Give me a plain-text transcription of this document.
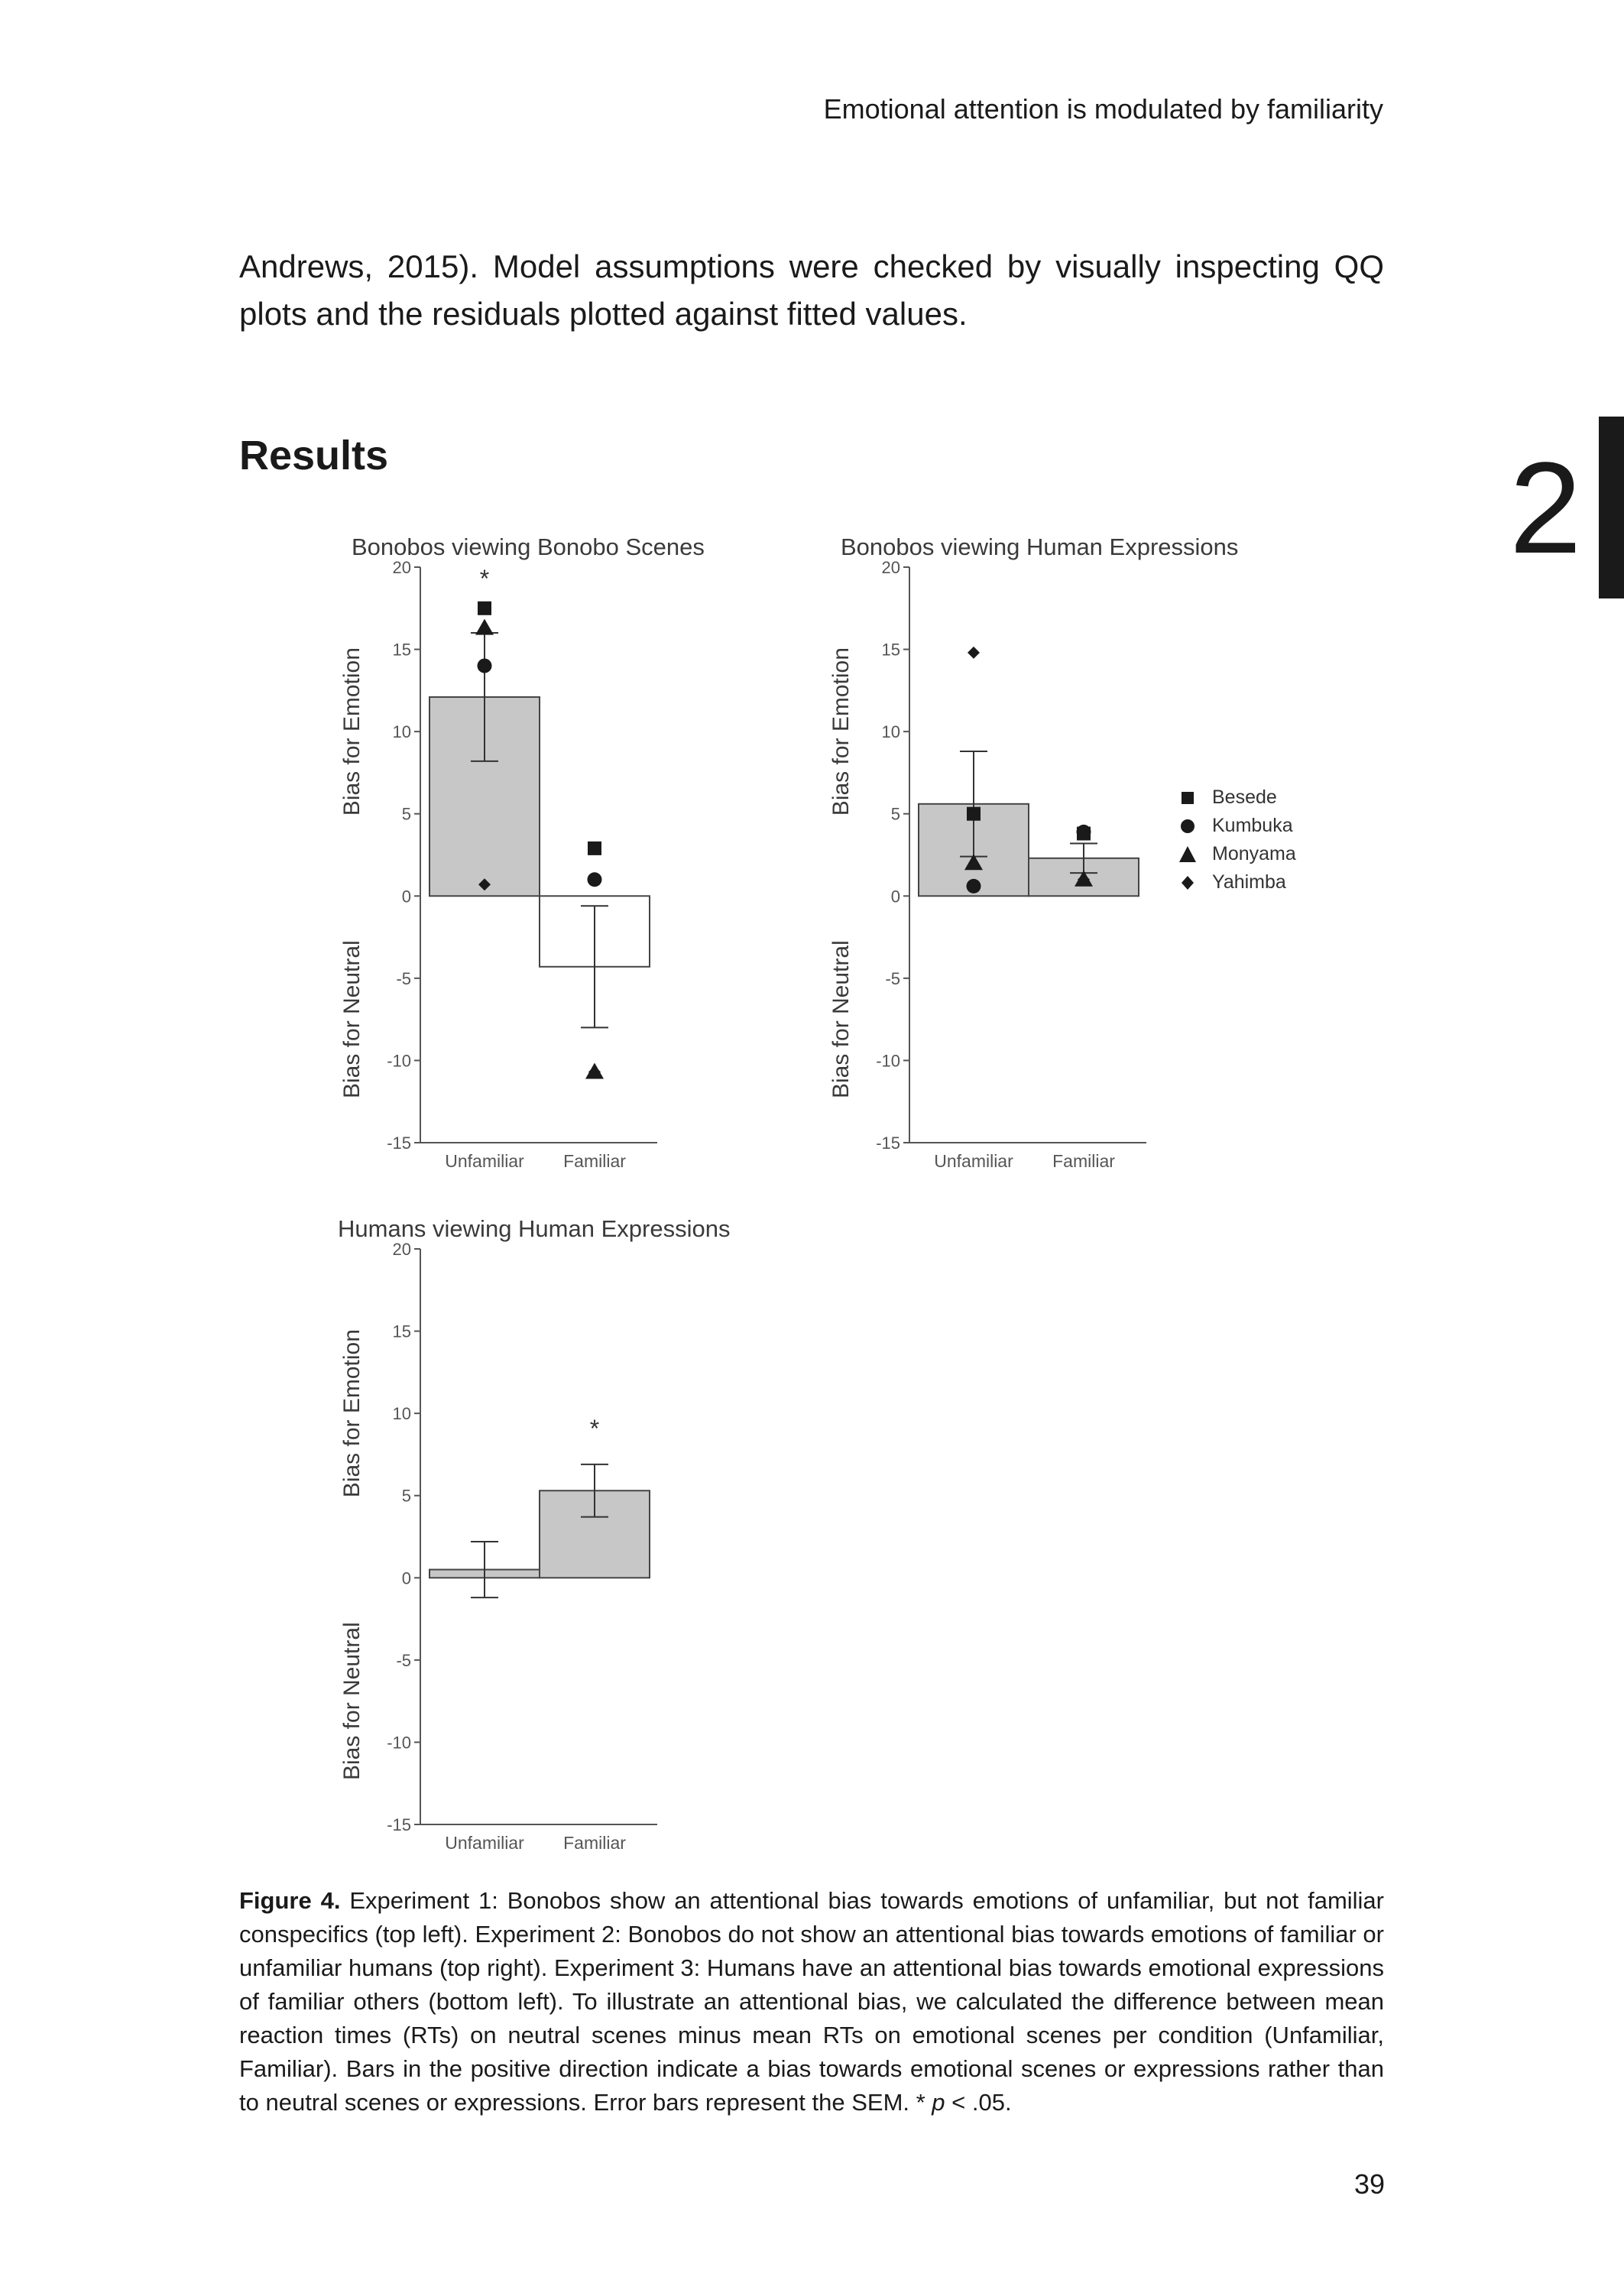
Emotional attention is modulated by familiarity

Andrews, 2015). Model assumptions were checked by visually inspecting QQ plots and the residuals plotted against fitted values.

Results	2
Bonobos viewing Bonobo Scenes
-15
-10
-5
0
5
10
15
20
Bias for Emotion
Bias for Neutral
*
Unfamiliar Familiar
Bonobos viewing Human Expressions
-15
-10
-5
0
5
10
15
20
Bias for Emotion
Bias for Neutral
Unfamiliar Familiar
Humans viewing Human Expressions
-15
-10
-5
0
5
10
15
20
Bias for Emotion
Bias for Neutral
*
Unfamiliar Familiar
Besede
Kumbuka
Monyama
Yahimba

Figure 4. Experiment 1: Bonobos show an attentional bias towards emotions of unfamiliar, but not familiar conspecifics (top left). Experiment 2: Bonobos do not show an attentional bias towards emotions of familiar or unfamiliar humans (top right). Experiment 3: Humans have an attentional bias towards emotional expressions of familiar others (bottom left). To illustrate an attentional bias, we calculated the difference between mean reaction times (RTs) on neutral scenes minus mean RTs on emotional scenes per condition (Unfamiliar, Familiar). Bars in the positive direction indicate a bias towards emotional scenes or expressions rather than to neutral scenes or expressions. Error bars represent the SEM. * p < .05.

39
